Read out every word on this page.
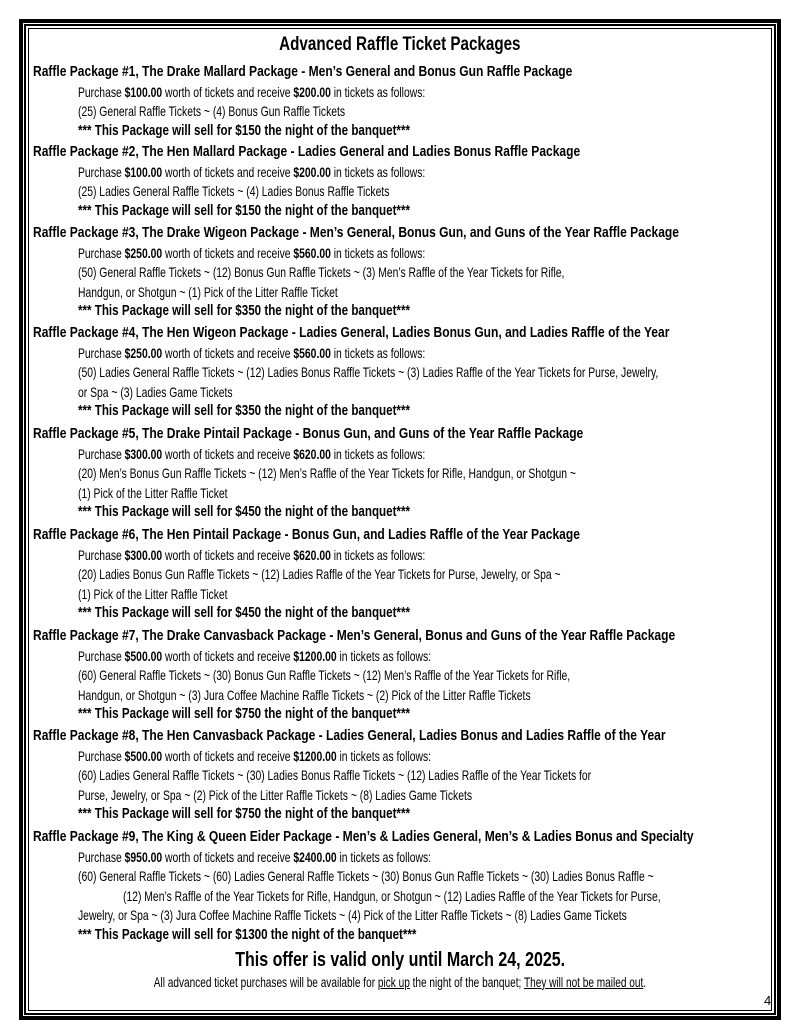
Advanced Raffle Ticket Packages
Raffle Package #1, The Drake Mallard Package - Men’s General and Bonus Gun Raffle Package
Purchase $100.00 worth of tickets and receive $200.00 in tickets as follows:
(25) General Raffle Tickets ~ (4) Bonus Gun Raffle Tickets
*** This Package will sell for $150 the night of the banquet***
Raffle Package #2, The Hen Mallard Package - Ladies General and Ladies Bonus Raffle Package
Purchase $100.00 worth of tickets and receive $200.00 in tickets as follows:
(25) Ladies General Raffle Tickets ~ (4) Ladies Bonus Raffle Tickets
*** This Package will sell for $150 the night of the banquet***
Raffle Package #3, The Drake Wigeon Package - Men’s General, Bonus Gun, and Guns of the Year Raffle Package
Purchase $250.00 worth of tickets and receive $560.00 in tickets as follows:
(50) General Raffle Tickets ~ (12) Bonus Gun Raffle Tickets ~ (3) Men’s Raffle of the Year Tickets for Rifle,
Handgun, or Shotgun ~ (1) Pick of the Litter Raffle Ticket
*** This Package will sell for $350 the night of the banquet***
Raffle Package #4, The Hen Wigeon Package - Ladies General, Ladies Bonus Gun, and Ladies Raffle of the Year
Purchase $250.00 worth of tickets and receive $560.00 in tickets as follows:
(50) Ladies General Raffle Tickets ~ (12) Ladies Bonus Raffle Tickets ~ (3) Ladies Raffle of the Year Tickets for Purse, Jewelry,
or Spa ~ (3) Ladies Game Tickets
*** This Package will sell for $350 the night of the banquet***
Raffle Package #5, The Drake Pintail Package - Bonus Gun, and Guns of the Year Raffle Package
Purchase $300.00 worth of tickets and receive $620.00 in tickets as follows:
(20) Men’s Bonus Gun Raffle Tickets ~ (12) Men’s Raffle of the Year Tickets for Rifle, Handgun, or Shotgun ~
(1) Pick of the Litter Raffle Ticket
*** This Package will sell for $450 the night of the banquet***
Raffle Package #6, The Hen Pintail Package - Bonus Gun, and Ladies Raffle of the Year Package
Purchase $300.00 worth of tickets and receive $620.00 in tickets as follows:
(20) Ladies Bonus Gun Raffle Tickets ~ (12) Ladies Raffle of the Year Tickets for Purse, Jewelry, or Spa ~
(1) Pick of the Litter Raffle Ticket
*** This Package will sell for $450 the night of the banquet***
Raffle Package #7, The Drake Canvasback Package - Men’s General, Bonus and Guns of the Year Raffle Package
Purchase $500.00 worth of tickets and receive $1200.00 in tickets as follows:
(60) General Raffle Tickets ~ (30) Bonus Gun Raffle Tickets ~ (12) Men’s Raffle of the Year Tickets for Rifle,
Handgun, or Shotgun ~ (3) Jura Coffee Machine Raffle Tickets ~ (2) Pick of the Litter Raffle Tickets
*** This Package will sell for $750 the night of the banquet***
Raffle Package #8, The Hen Canvasback Package - Ladies General, Ladies Bonus and Ladies Raffle of the Year
Purchase $500.00 worth of tickets and receive $1200.00 in tickets as follows:
(60) Ladies General Raffle Tickets ~ (30) Ladies Bonus Raffle Tickets ~ (12) Ladies Raffle of the Year Tickets for
Purse, Jewelry, or Spa ~ (2) Pick of the Litter Raffle Tickets ~ (8) Ladies Game Tickets
*** This Package will sell for $750 the night of the banquet***
Raffle Package #9, The King & Queen Eider Package - Men’s & Ladies General, Men’s & Ladies Bonus and Specialty
Purchase $950.00 worth of tickets and receive $2400.00 in tickets as follows:
(60) General Raffle Tickets ~ (60) Ladies General Raffle Tickets ~ (30) Bonus Gun Raffle Tickets ~ (30) Ladies Bonus Raffle ~
(12) Men’s Raffle of the Year Tickets for Rifle, Handgun, or Shotgun ~ (12) Ladies Raffle of the Year Tickets for Purse,
Jewelry, or Spa ~ (3) Jura Coffee Machine Raffle Tickets ~ (4) Pick of the Litter Raffle Tickets ~ (8) Ladies Game Tickets
*** This Package will sell for $1300 the night of the banquet***
This offer is valid only until March 24, 2025.
All advanced ticket purchases will be available for pick up the night of the banquet; They will not be mailed out.
4
